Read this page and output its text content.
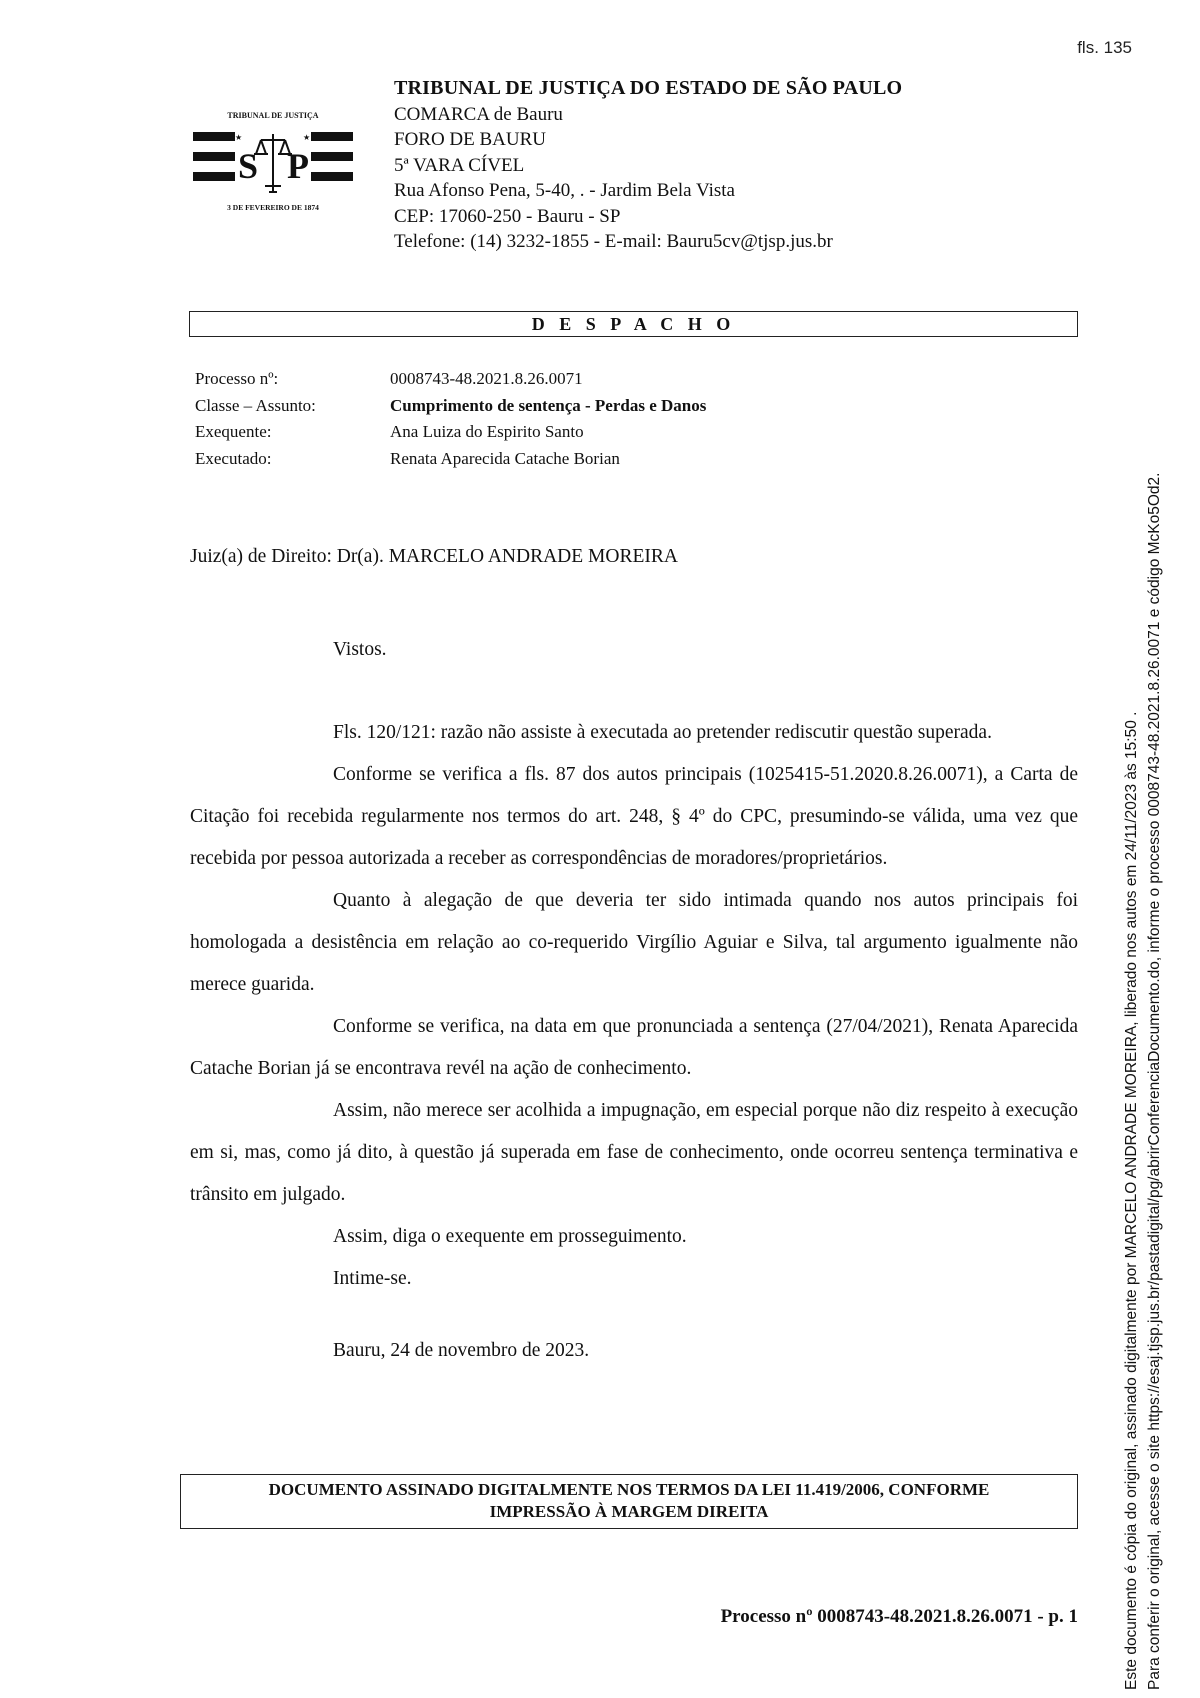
fls. 135
TRIBUNAL DE JUSTIÇA
S P
★	★
3 DE FEVEREIRO DE 1874
TRIBUNAL DE JUSTIÇA DO ESTADO DE SÃO PAULO
COMARCA de Bauru
FORO DE BAURU
5ª VARA CÍVEL
Rua Afonso Pena, 5-40, . - Jardim Bela Vista
CEP: 17060-250 - Bauru - SP
Telefone: (14) 3232-1855 - E-mail: Bauru5cv@tjsp.jus.br
D E S P A C H O
Processo nº:	0008743-48.2021.8.26.0071
Classe – Assunto:	Cumprimento de sentença - Perdas e Danos
Exequente:	Ana Luiza do Espirito Santo
Executado:	Renata Aparecida Catache Borian
Juiz(a) de Direito: Dr(a). MARCELO ANDRADE MOREIRA

Vistos.

Fls. 120/121: razão não assiste à executada ao pretender rediscutir questão superada.

Conforme se verifica a fls. 87 dos autos principais (1025415-51.2020.8.26.0071), a Carta de Citação foi recebida regularmente nos termos do art. 248, § 4º do CPC, presumindo-se válida, uma vez que recebida por pessoa autorizada a receber as correspondências de moradores/proprietários.

Quanto à alegação de que deveria ter sido intimada quando nos autos principais foi homologada a desistência em relação ao co-requerido Virgílio Aguiar e Silva, tal argumento igualmente não merece guarida.

Conforme se verifica, na data em que pronunciada a sentença (27/04/2021), Renata Aparecida Catache Borian já se encontrava revél na ação de conhecimento.

Assim, não merece ser acolhida a impugnação, em especial porque não diz respeito à execução em si, mas, como já dito, à questão já superada em fase de conhecimento, onde ocorreu sentença terminativa e trânsito em julgado.

Assim, diga o exequente em prosseguimento.

Intime-se.

Bauru, 24 de novembro de 2023.

DOCUMENTO ASSINADO DIGITALMENTE NOS TERMOS DA LEI 11.419/2006, CONFORME
IMPRESSÃO À MARGEM DIREITA
Processo nº 0008743-48.2021.8.26.0071 - p. 1	Este documento é cópia do original, assinado digitalmente por MARCELO ANDRADE MOREIRA, liberado nos autos em 24/11/2023 às 15:50 . Para conferir o original, acesse o site https://esaj.tjsp.jus.br/pastadigital/pg/abrirConferenciaDocumento.do, informe o processo 0008743-48.2021.8.26.0071 e código McKo5Od2.
